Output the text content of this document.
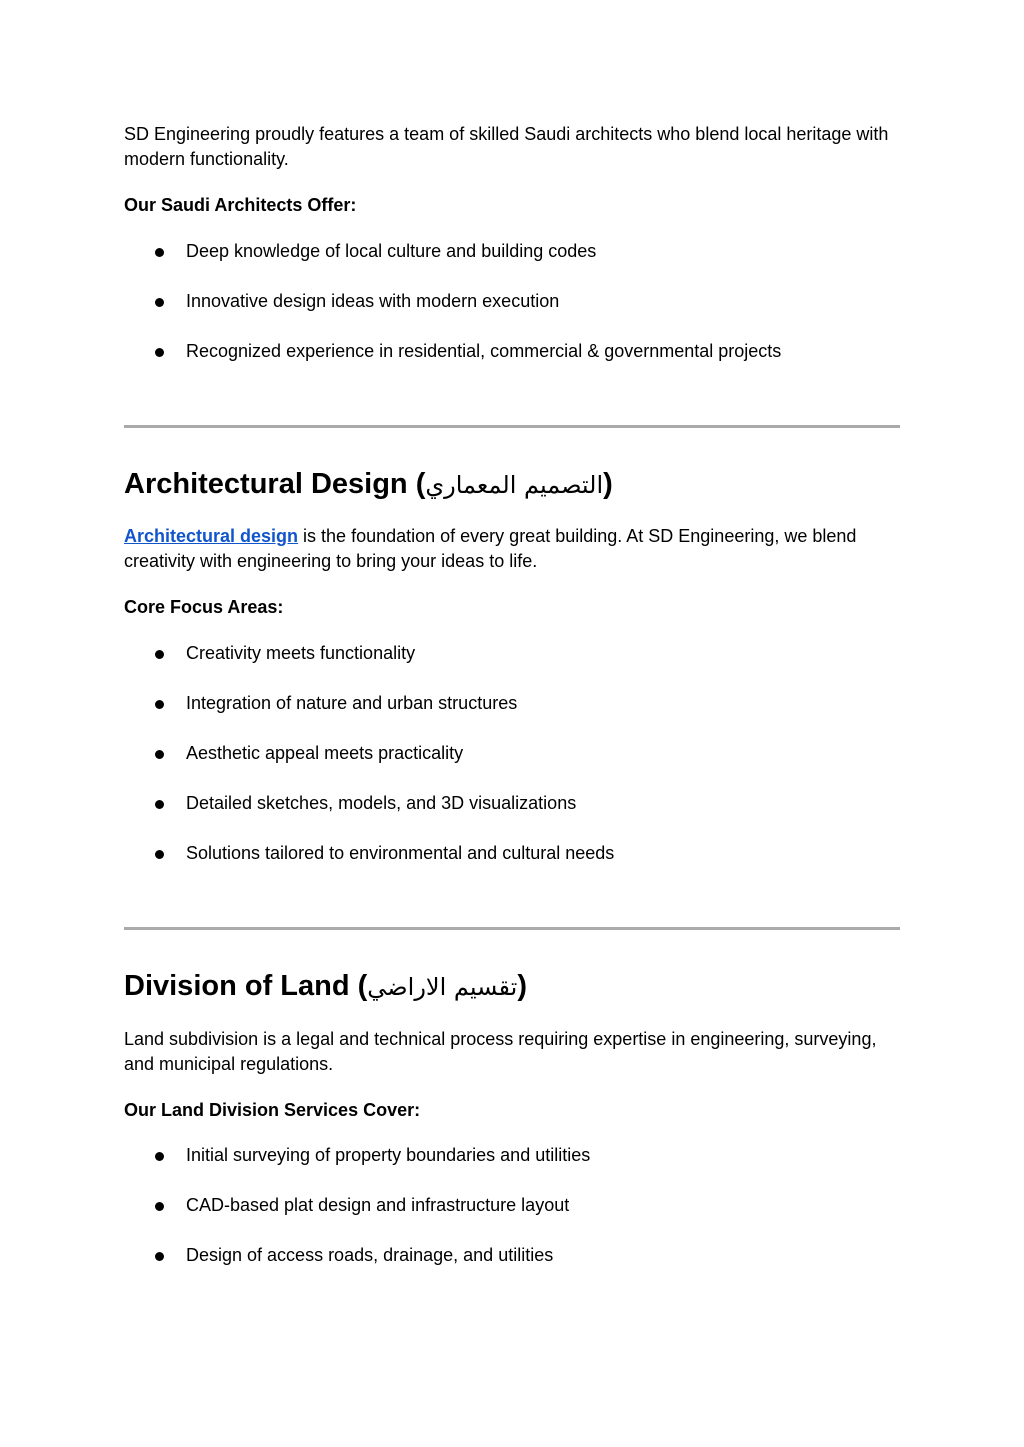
SD Engineering proudly features a team of skilled Saudi architects who blend local heritage with modern functionality.

Our Saudi Architects Offer:

Deep knowledge of local culture and building codes
Innovative design ideas with modern execution
Recognized experience in residential, commercial & governmental projects
Architectural Design (التصميم المعماري)

Architectural design is the foundation of every great building. At SD Engineering, we blend creativity with engineering to bring your ideas to life.

Core Focus Areas:

Creativity meets functionality
Integration of nature and urban structures
Aesthetic appeal meets practicality
Detailed sketches, models, and 3D visualizations
Solutions tailored to environmental and cultural needs
Division of Land (تقسيم الاراضي)

Land subdivision is a legal and technical process requiring expertise in engineering, surveying, and municipal regulations.

Our Land Division Services Cover:

Initial surveying of property boundaries and utilities
CAD-based plat design and infrastructure layout
Design of access roads, drainage, and utilities
